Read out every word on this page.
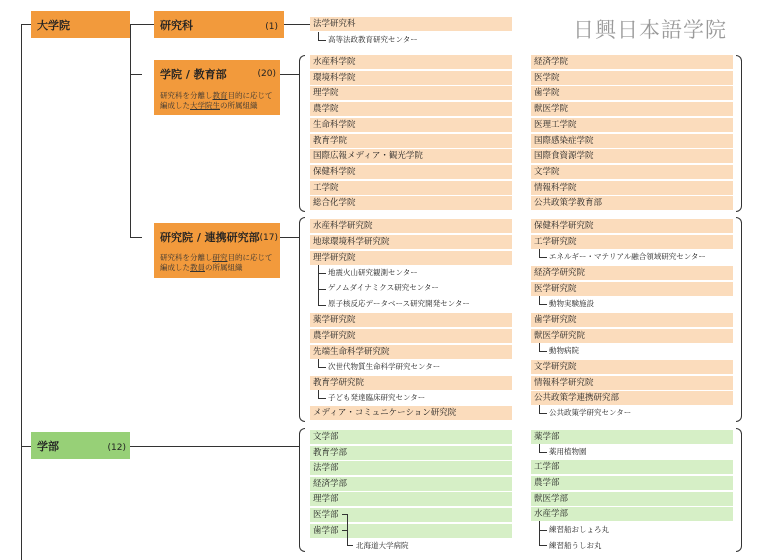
日興日本語学院
大学院	研究科	(1)
学院 / 教育部	(20)
研究科を分離し教育目的に応じて
編成した大学院生の所属組織
研究院 / 連携研究部 (17)
研究科を分離し研究目的に応じて
編成した教員の所属組織
学部	(12)
法学研究科
高等法政教育研究センター
水産科学院
環境科学院
理学院
農学院
生命科学院
教育学院
国際広報メディア・観光学院
保健科学院
工学院
総合化学院
経済学院
医学院
歯学院
獣医学院
医理工学院
国際感染症学院
国際食資源学院
文学院
情報科学院
公共政策学教育部
水産科学研究院
地球環境科学研究院
理学研究院
地震火山研究観測センター
ゲノムダイナミクス研究センター
原子核反応データベース研究開発センター
薬学研究院
農学研究院
先端生命科学研究院
次世代物質生命科学研究センター
教育学研究院
子ども発達臨床研究センター
メディア・コミュニケーション研究院
保健科学研究院
工学研究院
エネルギー・マテリアル融合領域研究センター
経済学研究院
医学研究院
動物実験施設
歯学研究院
獣医学研究院
動物病院
文学研究院
情報科学研究院
公共政策学連携研究部
公共政策学研究センター
文学部
教育学部
法学部
経済学部
理学部
医学部
歯学部
北海道大学病院
薬学部
薬用植物園
工学部
農学部
獣医学部
水産学部
練習船おしょろ丸
練習船うしお丸
